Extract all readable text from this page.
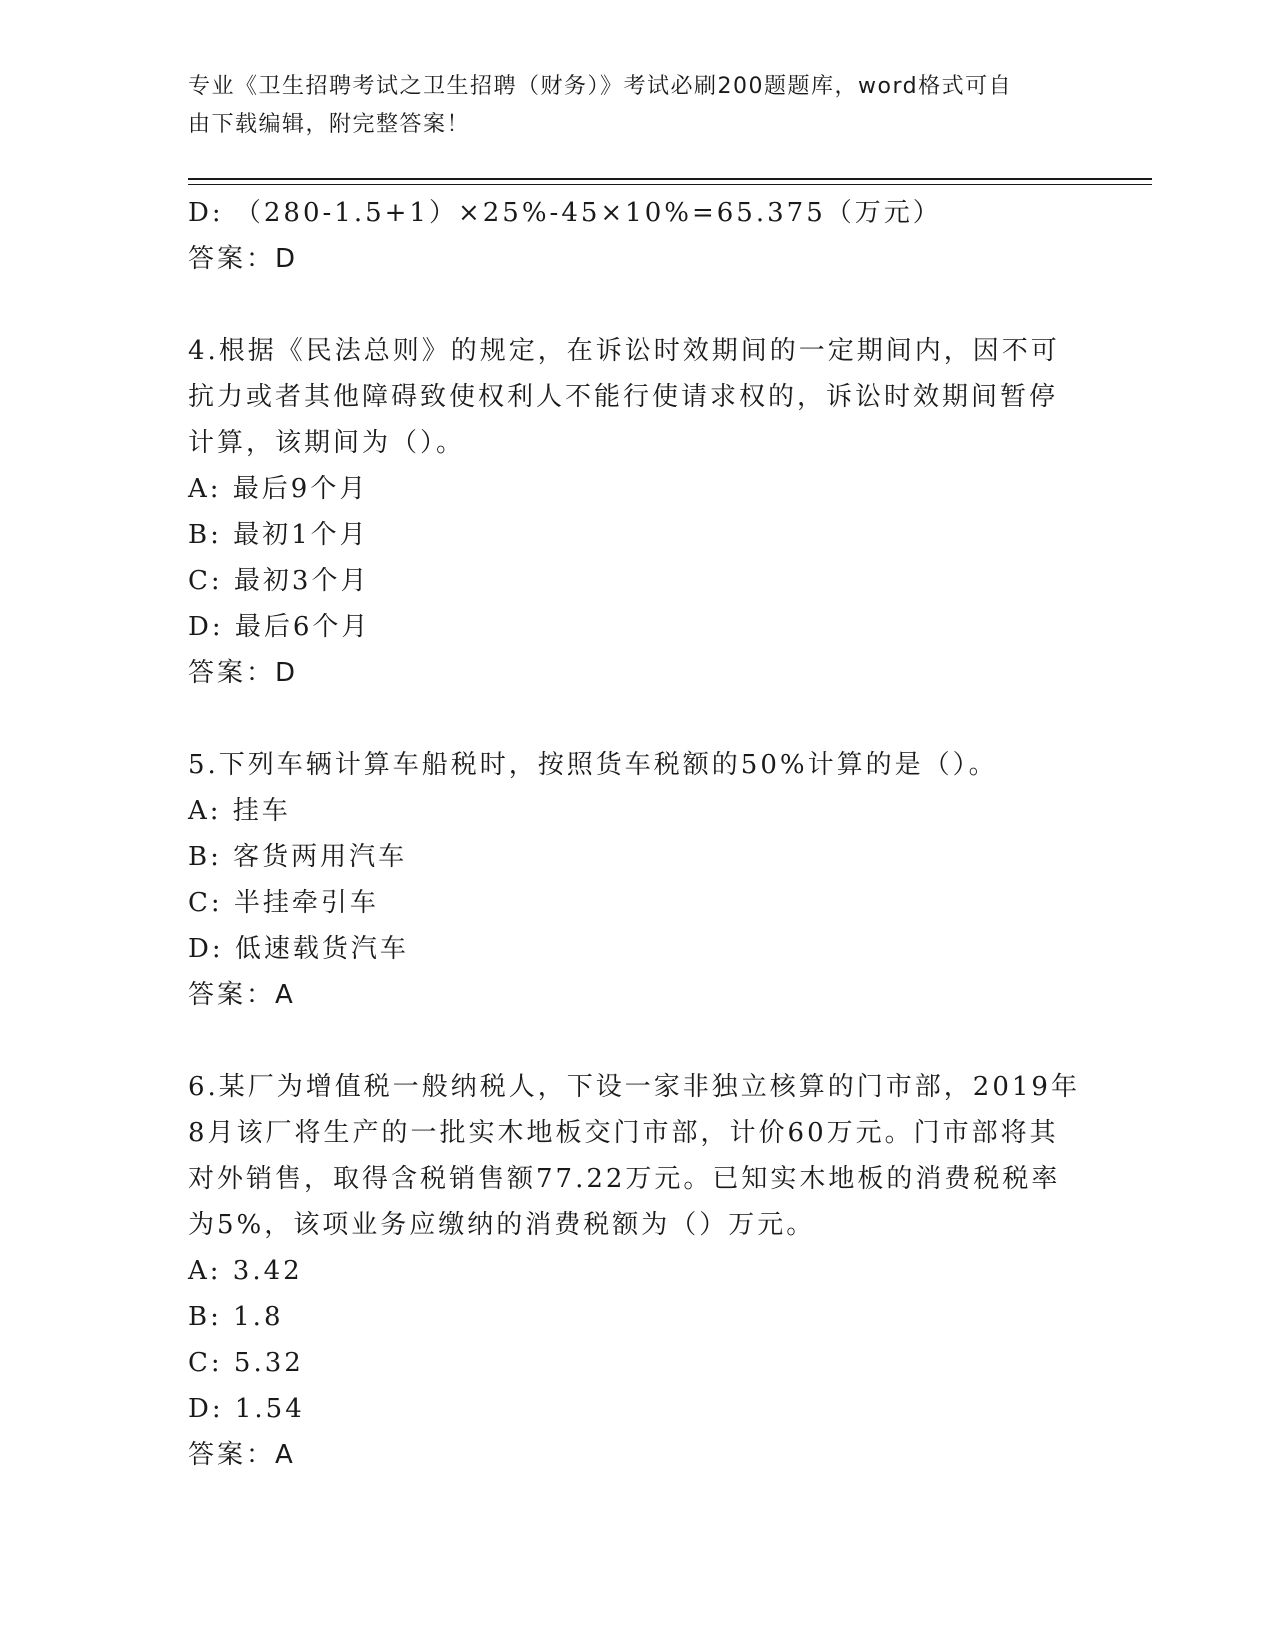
专业《卫生招聘考试之卫生招聘（财务）》考试必刷200题题库，word格式可自
由下载编辑，附完整答案！
D: （280-1.5+1）×25%-45×10%=65.375（万元）
答案：D
4.根据《民法总则》的规定，在诉讼时效期间的一定期间内，因不可
抗力或者其他障碍致使权利人不能行使请求权的，诉讼时效期间暂停
计算，该期间为（）。
A: 最后9个月
B: 最初1个月
C: 最初3个月
D: 最后6个月
答案：D
5.下列车辆计算车船税时，按照货车税额的50%计算的是（）。
A: 挂车
B: 客货两用汽车
C: 半挂牵引车
D: 低速载货汽车
答案：A
6.某厂为增值税一般纳税人，下设一家非独立核算的门市部，2019年
8月该厂将生产的一批实木地板交门市部，计价60万元。门市部将其
对外销售，取得含税销售额77.22万元。已知实木地板的消费税税率
为5%，该项业务应缴纳的消费税额为（）万元。
A: 3.42
B: 1.8
C: 5.32
D: 1.54
答案：A
